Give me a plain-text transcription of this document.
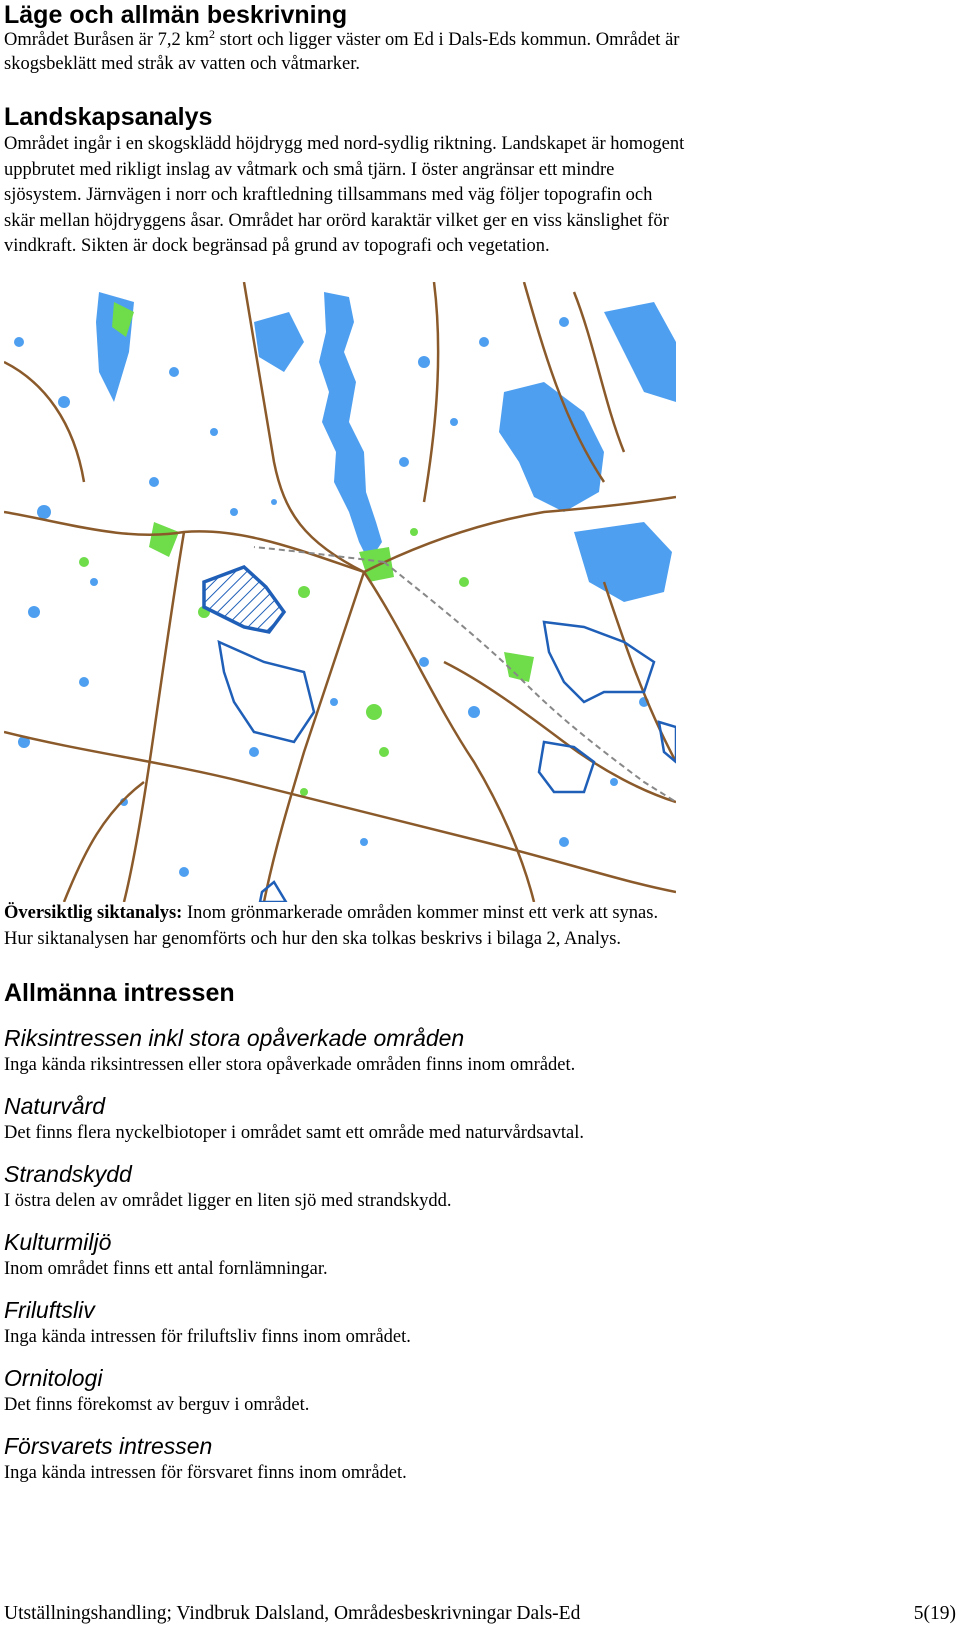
Läge och allmän beskrivning

Området Buråsen är 7,2 $km^2$ stort och ligger väster om Ed i Dals-Eds kommun. Området är

skogsbeklätt med stråk av vatten och våtmarker.

Landskapsanalys

Området ingår i en skogsklädd höjdrygg med nord-sydlig riktning. Landskapet är homogent

uppbrutet med rikligt inslag av våtmark och små tjärn. I öster angränsar ett mindre

sjösystem. Järnvägen i norr och kraftledning tillsammans med väg följer topografin och

skär mellan höjdryggens åsar. Området har orörd karaktär vilket ger en viss känslighet för

vindkraft. Sikten är dock begränsad på grund av topografi och vegetation.

Översiktlig siktanalys: Inom grönmarkerade områden kommer minst ett verk att synas.

Hur siktanalysen har genomförts och hur den ska tolkas beskrivs i bilaga 2, Analys.

Allmänna intressen
Riksintressen inkl stora opåverkade områden

Inga kända riksintressen eller stora opåverkade områden finns inom området.

Naturvård

Det finns flera nyckelbiotoper i området samt ett område med naturvårdsavtal.

Strandskydd

I östra delen av området ligger en liten sjö med strandskydd.

Kulturmiljö

Inom området finns ett antal fornlämningar.

Friluftsliv

Inga kända intressen för friluftsliv finns inom området.

Ornitologi

Det finns förekomst av berguv i området.

Försvarets intressen

Inga kända intressen för försvaret finns inom området.

Utställningshandling; Vindbruk Dalsland, Områdesbeskrivningar Dals-Ed	5(19)
